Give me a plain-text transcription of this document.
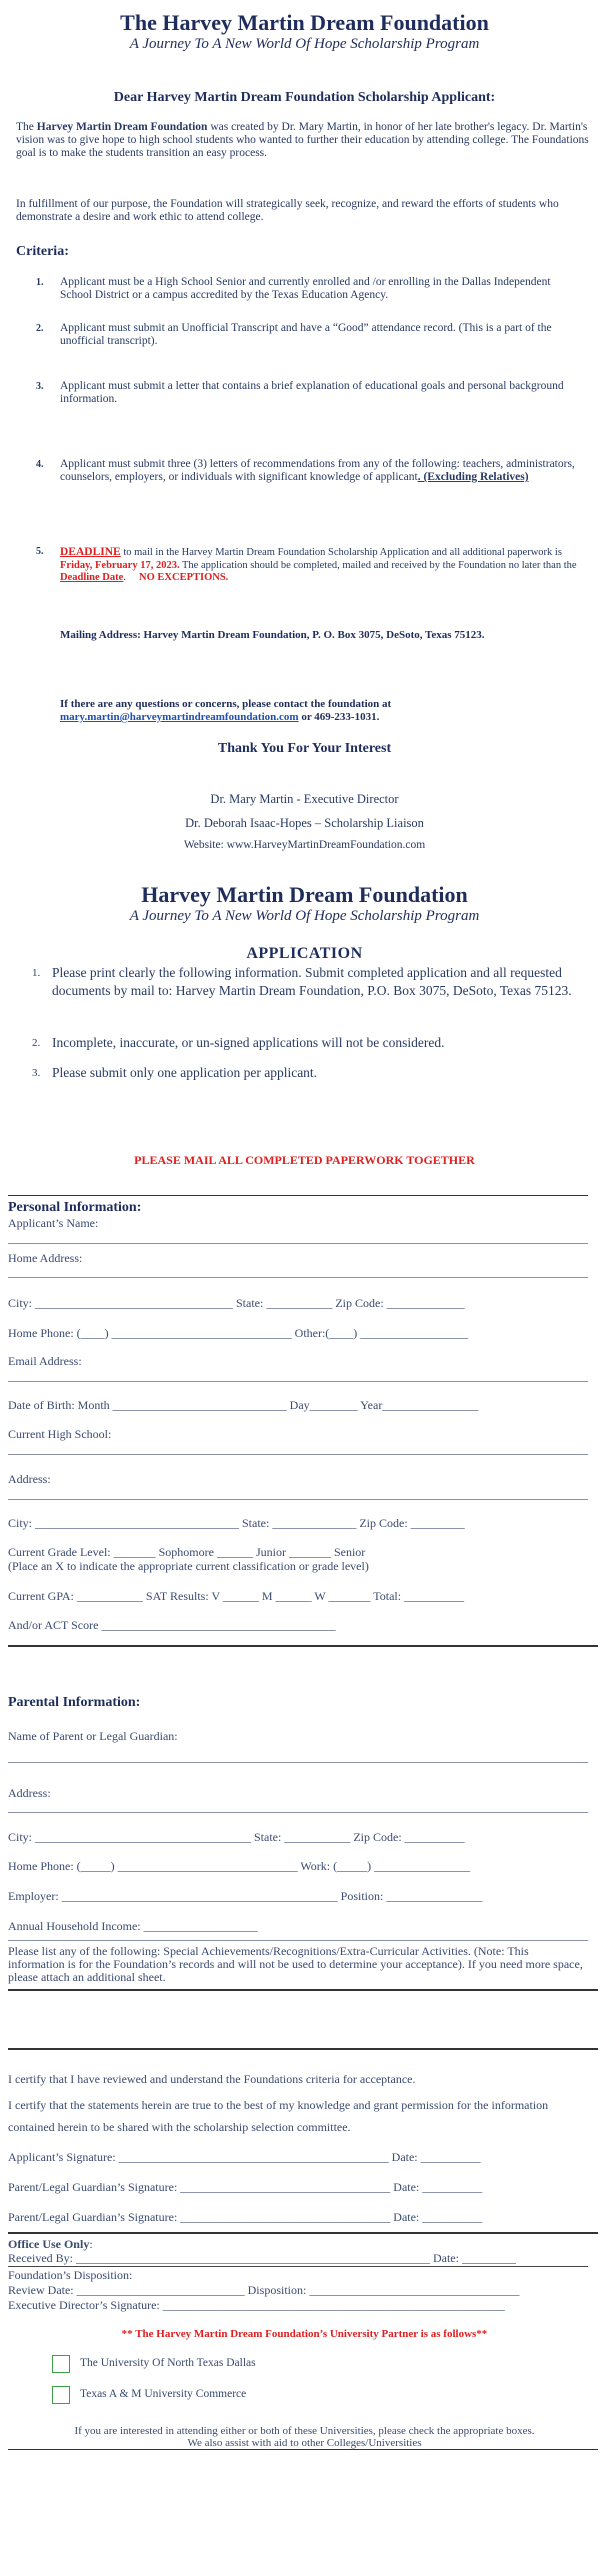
The Harvey Martin Dream Foundation
A Journey To A New World Of Hope Scholarship Program
Dear Harvey Martin Dream Foundation Scholarship Applicant:
The Harvey Martin Dream Foundation was created by Dr. Mary Martin, in honor of her late brother's legacy. Dr. Martin's vision was to give hope to high school students who wanted to further their education by attending college. The Foundations goal is to make the students transition an easy process.
In fulfillment of our purpose, the Foundation will strategically seek, recognize, and reward the efforts of students who demonstrate a desire and work ethic to attend college.
Criteria:
1. Applicant must be a High School Senior and currently enrolled and /or enrolling in the Dallas Independent School District or a campus accredited by the Texas Education Agency.
2. Applicant must submit an Unofficial Transcript and have a “Good” attendance record. (This is a part of the unofficial transcript).
3. Applicant must submit a letter that contains a brief explanation of educational goals and personal background information.
4. Applicant must submit three (3) letters of recommendations from any of the following: teachers, administrators, counselors, employers, or individuals with significant knowledge of applicant. (Excluding Relatives)
5. DEADLINE to mail in the Harvey Martin Dream Foundation Scholarship Application and all additional paperwork is Friday, February 17, 2023. The application should be completed, mailed and received by the Foundation no later than the Deadline Date. NO EXCEPTIONS.
Mailing Address: Harvey Martin Dream Foundation, P. O. Box 3075, DeSoto, Texas 75123.
If there are any questions or concerns, please contact the foundation at
mary.martin@harveymartindreamfoundation.com or 469-233-1031.
Thank You For Your Interest
Dr. Mary Martin - Executive Director
Dr. Deborah Isaac-Hopes – Scholarship Liaison
Website: www.HarveyMartinDreamFoundation.com
Harvey Martin Dream Foundation
A Journey To A New World Of Hope Scholarship Program
APPLICATION
1. Please print clearly the following information. Submit completed application and all requested documents by mail to: Harvey Martin Dream Foundation, P.O. Box 3075, DeSoto, Texas 75123.
2. Incomplete, inaccurate, or un-signed applications will not be considered.
3. Please submit only one application per applicant.
PLEASE MAIL ALL COMPLETED PAPERWORK TOGETHER
Personal Information:
Applicant’s Name:
Home Address:
City: _________________________________ State: ___________ Zip Code: _____________
Home Phone: (____) ______________________________ Other:(____) __________________
Email Address:
Date of Birth: Month _____________________________ Day________ Year________________
Current High School:
Address:
City: __________________________________ State: ______________ Zip Code: _________
Current Grade Level: _______ Sophomore ______ Junior _______ Senior
(Place an X to indicate the appropriate current classification or grade level)
Current GPA: ___________ SAT Results: V ______ M ______ W _______ Total: __________
And/or ACT Score _______________________________________
Parental Information:
Name of Parent or Legal Guardian:
Address:
City: ____________________________________ State: ___________ Zip Code: __________
Home Phone: (_____) ______________________________ Work: (_____) ________________
Employer: ______________________________________________ Position: ________________
Annual Household Income: ___________________
Please list any of the following: Special Achievements/Recognitions/Extra-Curricular Activities. (Note: This information is for the Foundation’s records and will not be used to determine your acceptance). If you need more space, please attach an additional sheet.
I certify that I have reviewed and understand the Foundations criteria for acceptance.
I certify that the statements herein are true to the best of my knowledge and grant permission for the information contained herein to be shared with the scholarship selection committee.
Applicant’s Signature: _____________________________________________ Date: __________
Parent/Legal Guardian’s Signature: ___________________________________ Date: __________
Parent/Legal Guardian’s Signature: ___________________________________ Date: __________
Office Use Only:
Received By: ___________________________________________________________ Date: _________
Foundation’s Disposition:
Review Date: ____________________________ Disposition: ___________________________________
Executive Director’s Signature: _________________________________________________________
** The Harvey Martin Dream Foundation’s University Partner is as follows**
The University Of North Texas Dallas
Texas A & M University Commerce
If you are interested in attending either or both of these Universities, please check the appropriate boxes.
We also assist with aid to other Colleges/Universities
